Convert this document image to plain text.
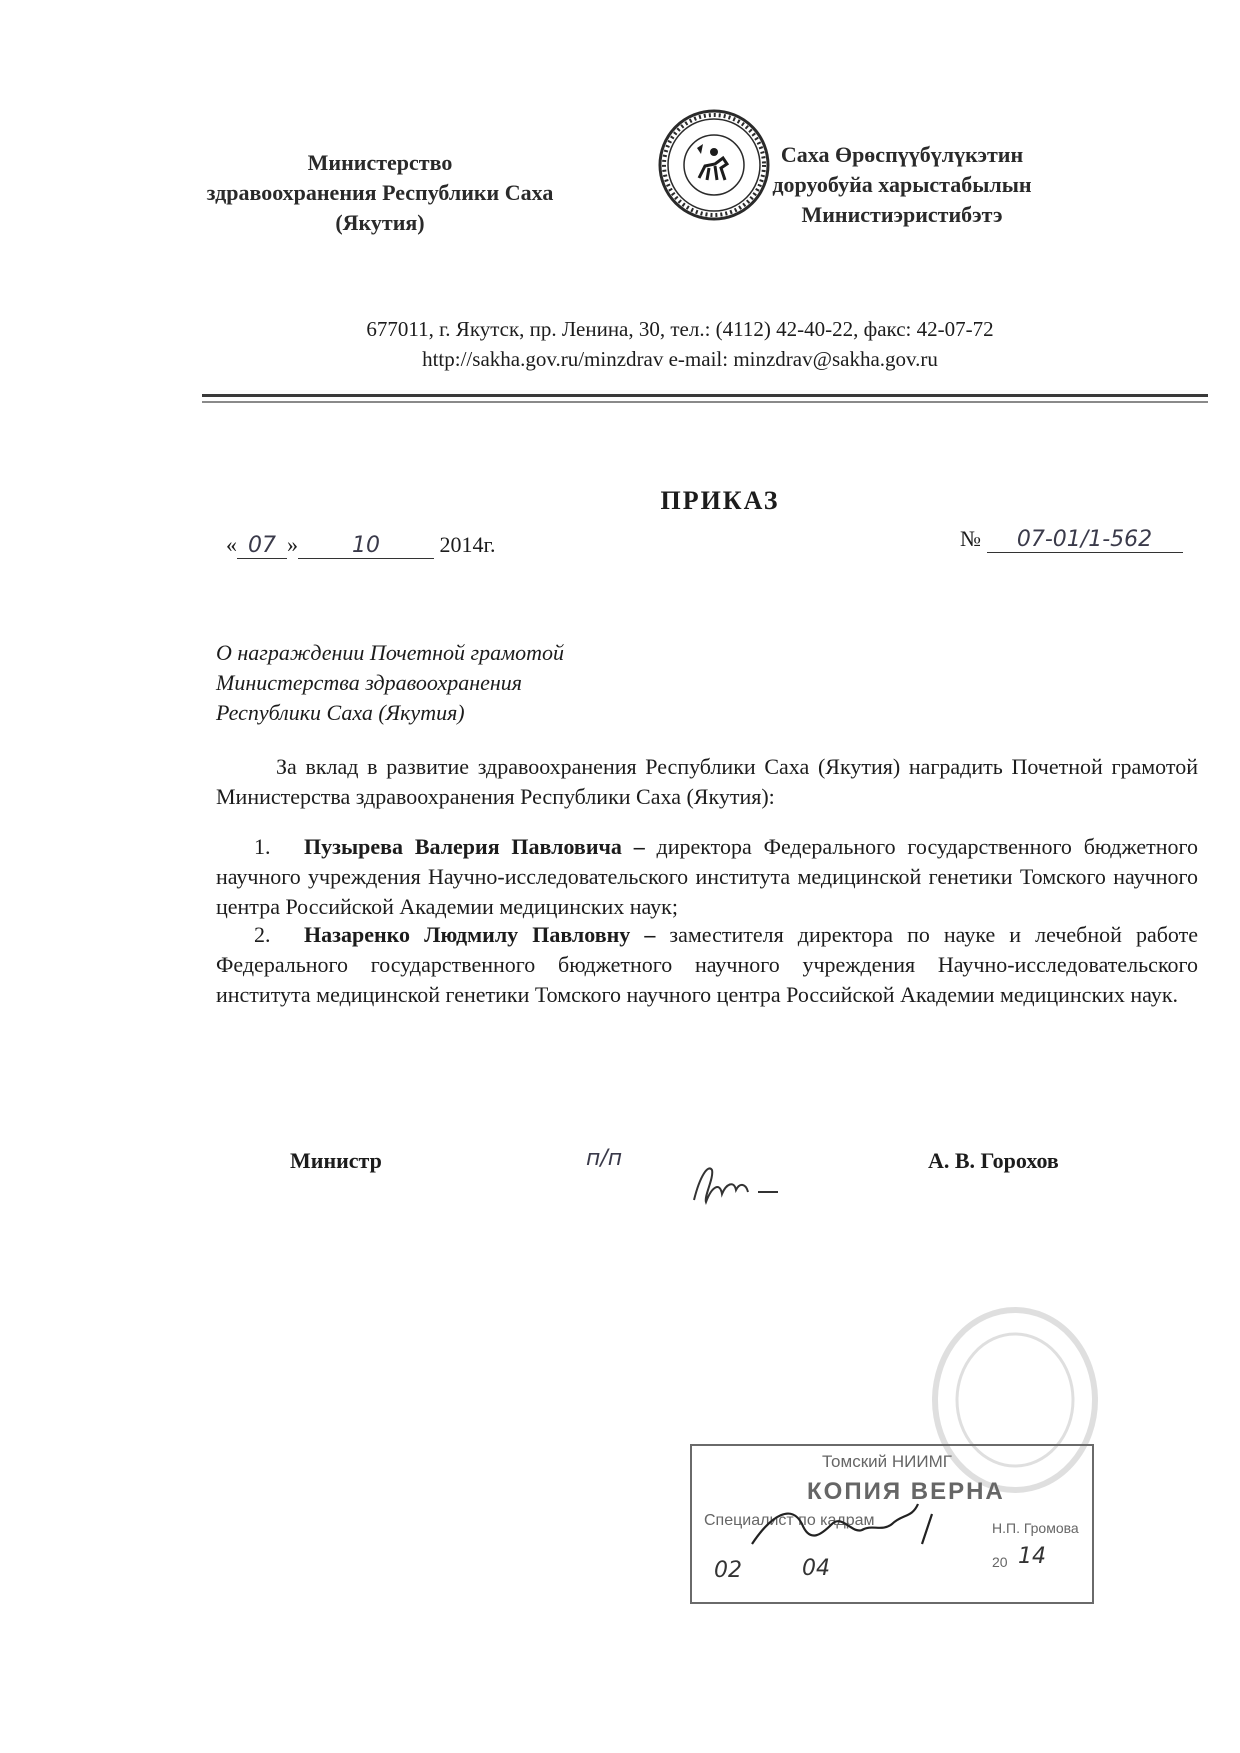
Министерство
здравоохранения Республики Саха
(Якутия)
Саха Өрөспүүбүлүкэтин
доруобуйа харыстабылын
Министиэристибэтэ
677011, г. Якутск, пр. Ленина, 30, тел.: (4112) 42-40-22, факс: 42-07-72
http://sakha.gov.ru/minzdrav e-mail: minzdrav@sakha.gov.ru
ПРИКАЗ
« 07 » 10	2014г.	№ 07-01/1-562
О награждении Почетной грамотой
Министерства здравоохранения
Республики Саха (Якутия)
За вклад в развитие здравоохранения Республики Саха (Якутия) наградить Почетной грамотой Министерства здравоохранения Республики Саха (Якутия):
1. Пузырева Валерия Павловича – директора Федерального государственного бюджетного научного учреждения Научно-исследовательского института медицинской генетики Томского научного центра Российской Академии медицинских наук;
2. Назаренко Людмилу Павловну – заместителя директора по науке и лечебной работе Федерального государственного бюджетного научного учреждения Научно-исследовательского института медицинской генетики Томского научного центра Российской Академии медицинских наук.
Министр	п/п	А. В. Горохов
Томский НИИМГ
КОПИЯ ВЕРНА
Специалист по кадрам	Н.П. Громова
02	04	20 14
